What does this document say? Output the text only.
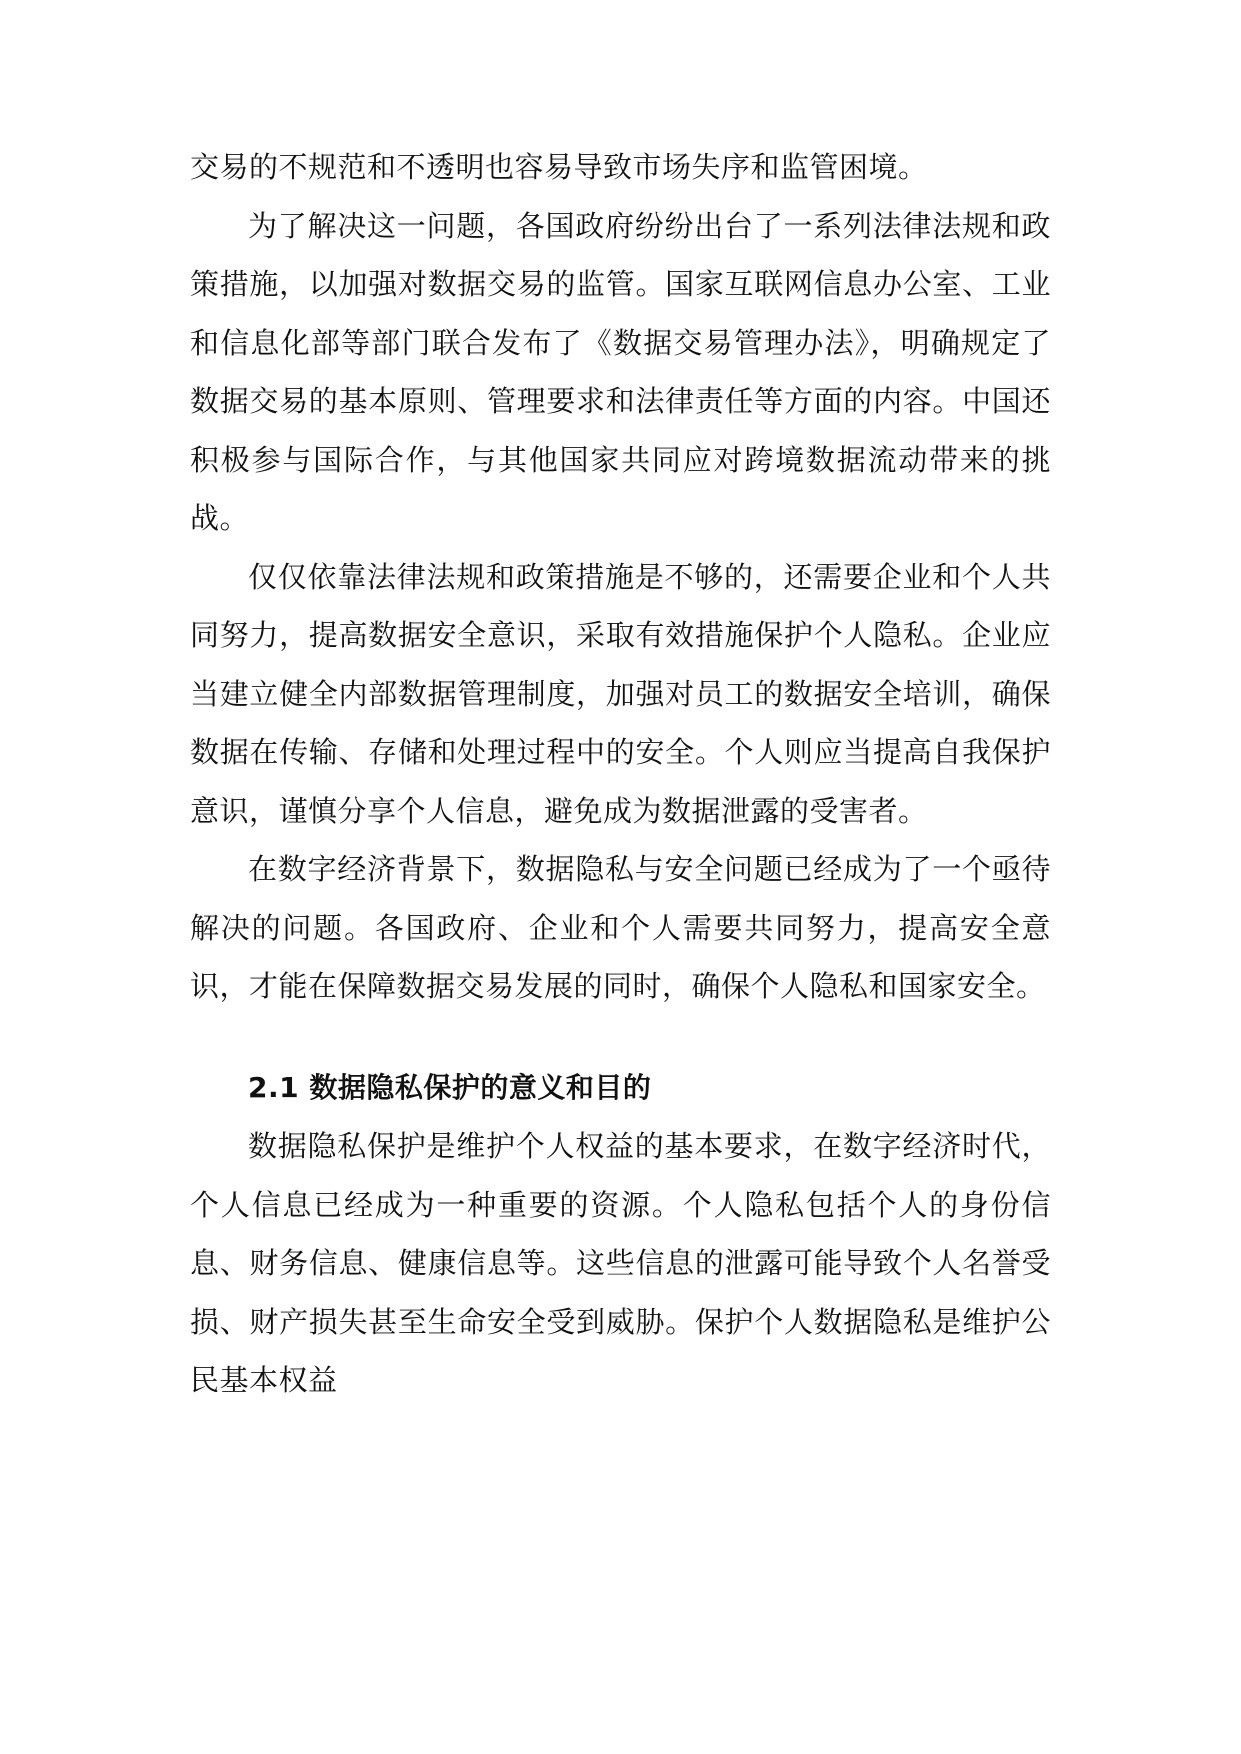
交易的不规范和不透明也容易导致市场失序和监管困境。

为了解决这一问题，各国政府纷纷出台了一系列法律法规和政策措施，以加强对数据交易的监管。国家互联网信息办公室、工业和信息化部等部门联合发布了《数据交易管理办法》，明确规定了数据交易的基本原则、管理要求和法律责任等方面的内容。中国还积极参与国际合作，与其他国家共同应对跨境数据流动带来的挑战。

仅仅依靠法律法规和政策措施是不够的，还需要企业和个人共同努力，提高数据安全意识，采取有效措施保护个人隐私。企业应当建立健全内部数据管理制度，加强对员工的数据安全培训，确保数据在传输、存储和处理过程中的安全。个人则应当提高自我保护意识，谨慎分享个人信息，避免成为数据泄露的受害者。

在数字经济背景下，数据隐私与安全问题已经成为了一个亟待解决的问题。各国政府、企业和个人需要共同努力，提高安全意识，才能在保障数据交易发展的同时，确保个人隐私和国家安全。

2.1 数据隐私保护的意义和目的

数据隐私保护是维护个人权益的基本要求，在数字经济时代，个人信息已经成为一种重要的资源。个人隐私包括个人的身份信息、财务信息、健康信息等。这些信息的泄露可能导致个人名誉受损、财产损失甚至生命安全受到威胁。保护个人数据隐私是维护公民基本权益
